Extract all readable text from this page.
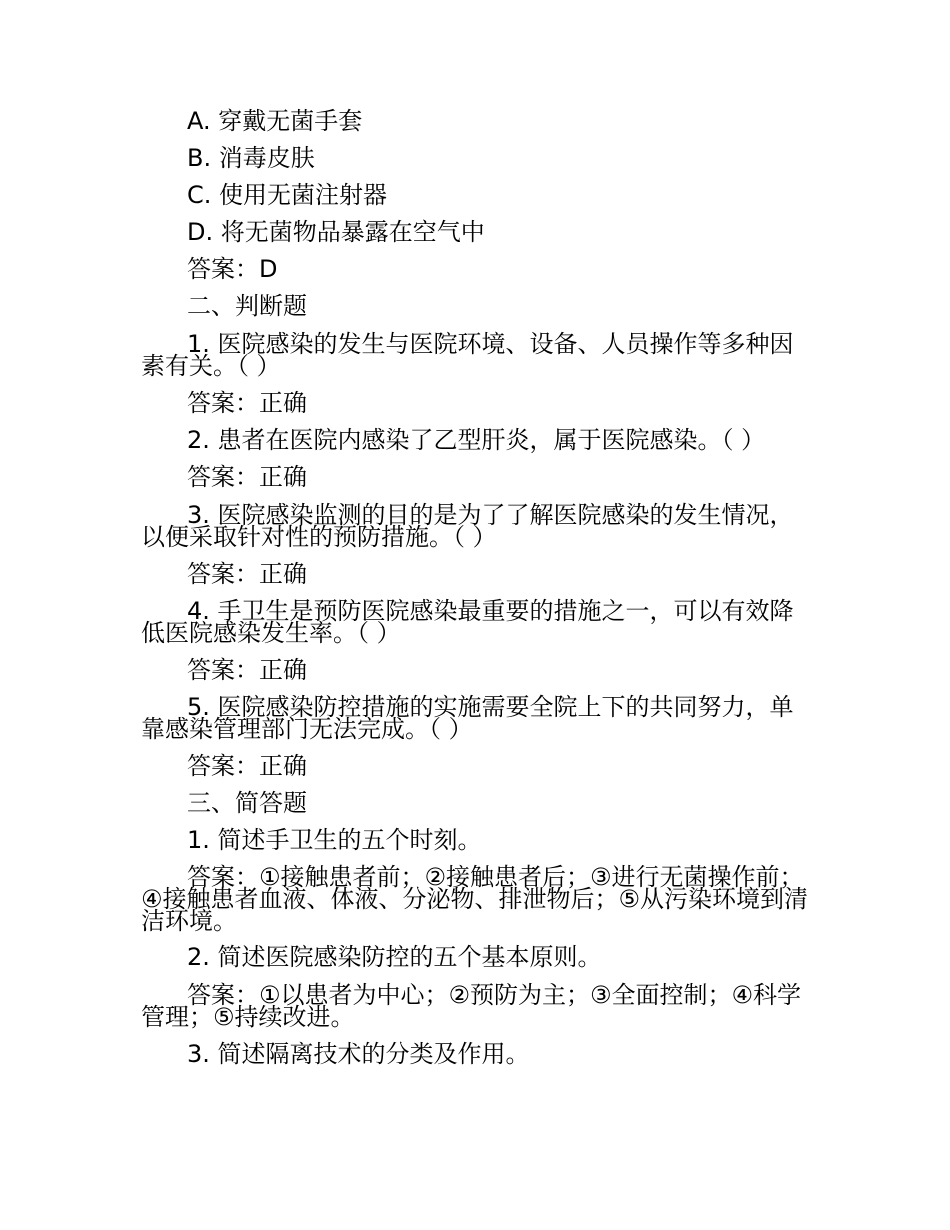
A. 穿戴无菌手套
B. 消毒皮肤
C. 使用无菌注射器
D. 将无菌物品暴露在空气中
答案：D
二、判断题
1. 医院感染的发生与医院环境、设备、人员操作等多种因素有关。（ ）
答案：正确
2. 患者在医院内感染了乙型肝炎，属于医院感染。（ ）
答案：正确
3. 医院感染监测的目的是为了了解医院感染的发生情况，以便采取针对性的预防措施。（ ）
答案：正确
4. 手卫生是预防医院感染最重要的措施之一，可以有效降低医院感染发生率。（ ）
答案：正确
5. 医院感染防控措施的实施需要全院上下的共同努力，单靠感染管理部门无法完成。（ ）
答案：正确
三、简答题
1. 简述手卫生的五个时刻。
答案：①接触患者前；②接触患者后；③进行无菌操作前；④接触患者血液、体液、分泌物、排泄物后；⑤从污染环境到清洁环境。
2. 简述医院感染防控的五个基本原则。
答案：①以患者为中心；②预防为主；③全面控制；④科学管理；⑤持续改进。
3. 简述隔离技术的分类及作用。
